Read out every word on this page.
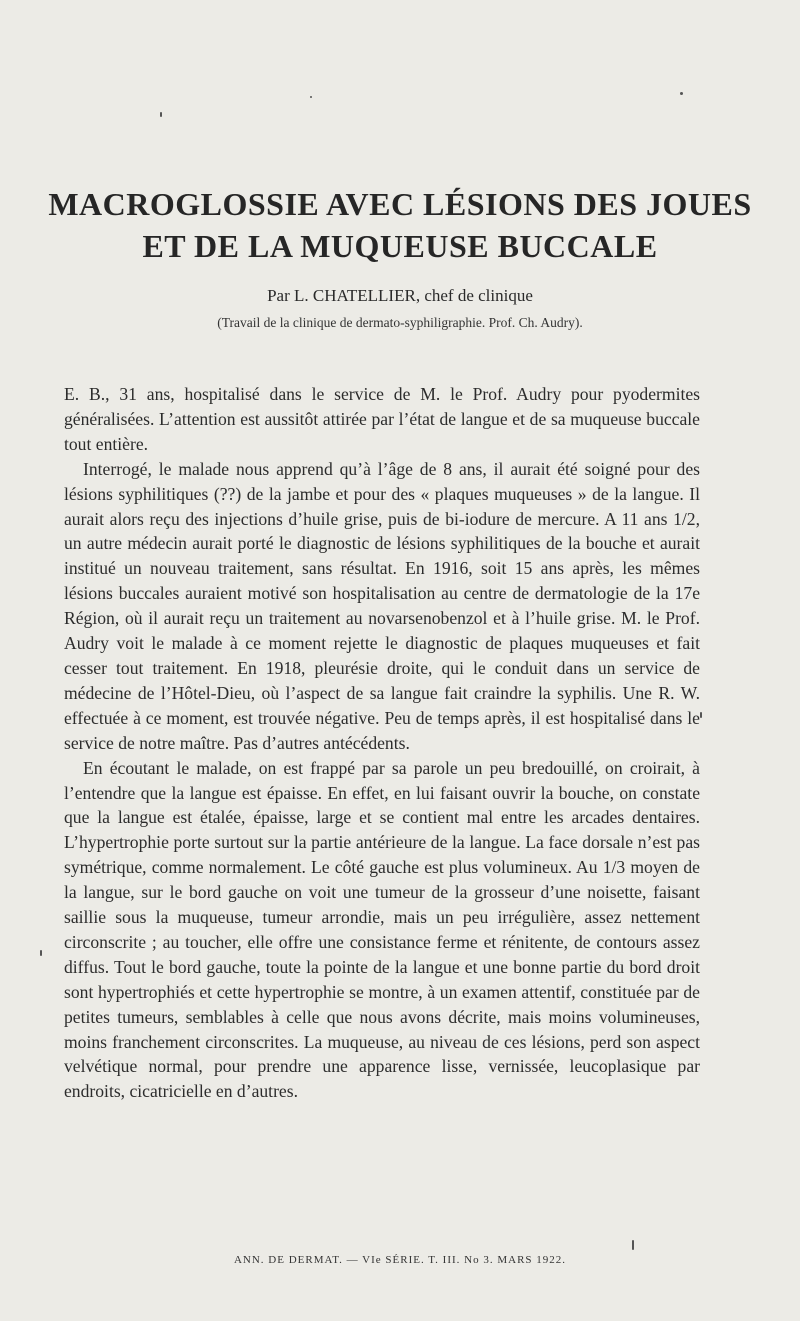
MACROGLOSSIE AVEC LÉSIONS DES JOUES
ET DE LA MUQUEUSE BUCCALE
Par L. CHATELLIER, chef de clinique
(Travail de la clinique de dermato-syphiligraphie. Prof. Ch. Audry).

E. B., 31 ans, hospitalisé dans le service de M. le Prof. Audry pour pyodermites généralisées. L’attention est aussitôt attirée par l’état de langue et de sa muqueuse buccale tout entière.

Interrogé, le malade nous apprend qu’à l’âge de 8 ans, il aurait été soigné pour des lésions syphilitiques (??) de la jambe et pour des « plaques muqueuses » de la langue. Il aurait alors reçu des injections d’huile grise, puis de bi-iodure de mercure. A 11 ans 1/2, un autre médecin aurait porté le diagnostic de lésions syphilitiques de la bouche et aurait institué un nouveau traitement, sans résultat. En 1916, soit 15 ans après, les mêmes lésions buccales auraient motivé son hospitalisation au centre de dermatologie de la 17e Région, où il aurait reçu un traitement au novarsenobenzol et à l’huile grise. M. le Prof. Audry voit le malade à ce moment rejette le diagnostic de plaques muqueuses et fait cesser tout traitement. En 1918, pleurésie droite, qui le conduit dans un service de médecine de l’Hôtel-Dieu, où l’aspect de sa langue fait craindre la syphilis. Une R. W. effectuée à ce moment, est trouvée négative. Peu de temps après, il est hospitalisé dans le service de notre maître. Pas d’autres antécédents.

En écoutant le malade, on est frappé par sa parole un peu bredouillé, on croirait, à l’entendre que la langue est épaisse. En effet, en lui faisant ouvrir la bouche, on constate que la langue est étalée, épaisse, large et se contient mal entre les arcades dentaires. L’hypertrophie porte surtout sur la partie antérieure de la langue. La face dorsale n’est pas symétrique, comme normalement. Le côté gauche est plus volumineux. Au 1/3 moyen de la langue, sur le bord gauche on voit une tumeur de la grosseur d’une noisette, faisant saillie sous la muqueuse, tumeur arrondie, mais un peu irrégulière, assez nettement circonscrite ; au toucher, elle offre une consistance ferme et rénitente, de contours assez diffus. Tout le bord gauche, toute la pointe de la langue et une bonne partie du bord droit sont hypertrophiés et cette hypertrophie se montre, à un examen attentif, constituée par de petites tumeurs, semblables à celle que nous avons décrite, mais moins volumineuses, moins franchement circonscrites. La muqueuse, au niveau de ces lésions, perd son aspect velvétique normal, pour prendre une apparence lisse, vernissée, leucoplasique par endroits, cicatricielle en d’autres.

ANN. DE DERMAT. — VIe SÉRIE. T. III. No 3. MARS 1922.
